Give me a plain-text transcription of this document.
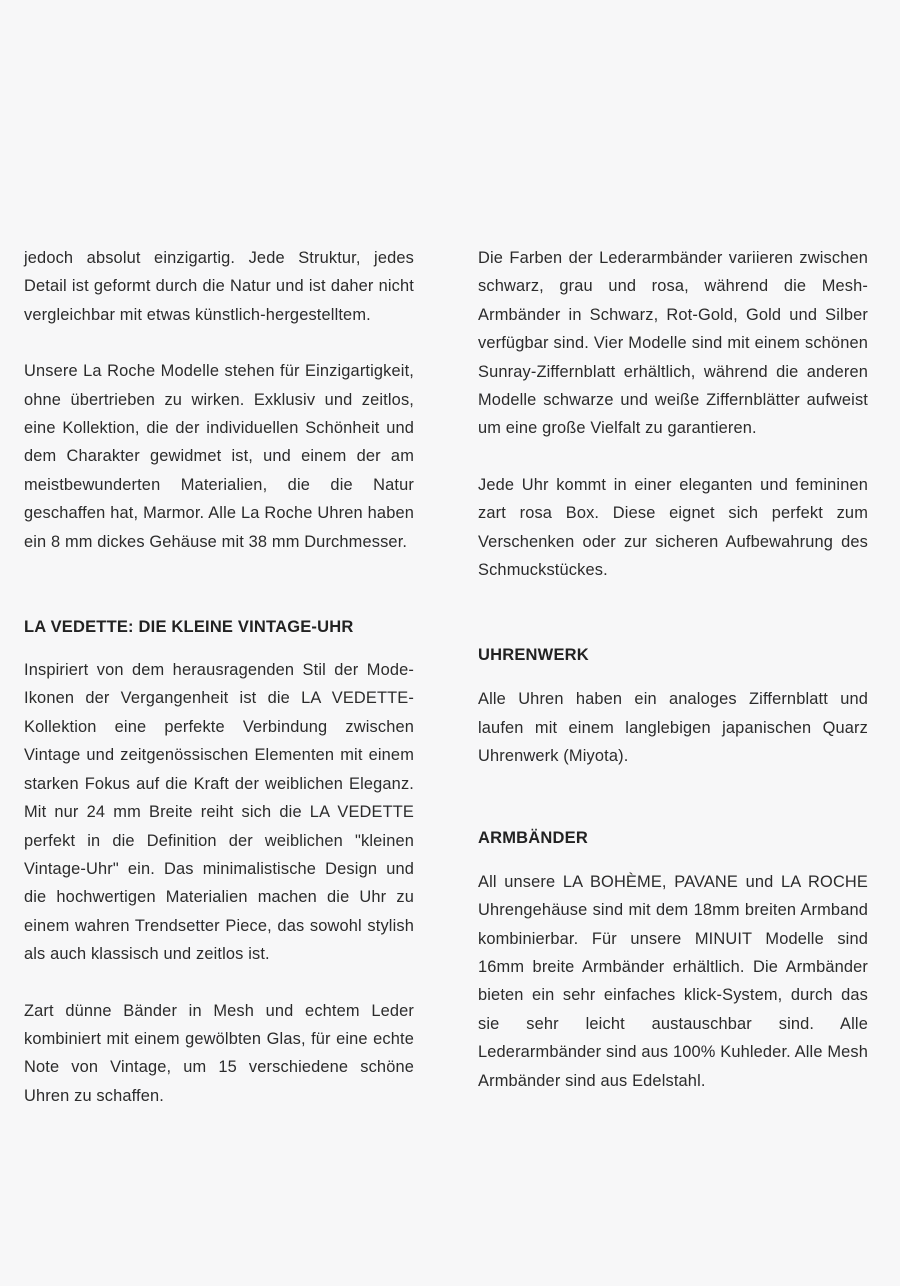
jedoch absolut einzigartig. Jede Struktur, jedes Detail ist geformt durch die Natur und ist daher nicht vergleichbar mit etwas künstlich-hergestelltem.

Unsere La Roche Modelle stehen für Einzigartigkeit, ohne übertrieben zu wirken. Exklusiv und zeitlos, eine Kollektion, die der individuellen Schönheit und dem Charakter gewidmet ist, und einem der am meistbewunderten Materialien, die die Natur geschaffen hat, Marmor. Alle La Roche Uhren haben ein 8 mm dickes Gehäuse mit 38 mm Durchmesser.

LA VEDETTE: DIE KLEINE VINTAGE-UHR

Inspiriert von dem herausragenden Stil der Mode-Ikonen der Vergangenheit ist die LA VEDETTE-Kollektion eine perfekte Verbindung zwischen Vintage und zeitgenössischen Elementen mit einem starken Fokus auf die Kraft der weiblichen Eleganz. Mit nur 24 mm Breite reiht sich die LA VEDETTE perfekt in die Definition der weiblichen "kleinen Vintage-Uhr" ein. Das minimalistische Design und die hochwertigen Materialien machen die Uhr zu einem wahren Trendsetter Piece, das sowohl stylish als auch klassisch und zeitlos ist.

Zart dünne Bänder in Mesh und echtem Leder kombiniert mit einem gewölbten Glas, für eine echte Note von Vintage, um 15 verschiedene schöne Uhren zu schaffen.

Die Farben der Lederarmbänder variieren zwischen schwarz, grau und rosa, während die Mesh-Armbänder in Schwarz, Rot-Gold, Gold und Silber verfügbar sind. Vier Modelle sind mit einem schönen Sunray-Ziffernblatt erhältlich, während die anderen Modelle schwarze und weiße Ziffernblätter aufweist um eine große Vielfalt zu garantieren.

Jede Uhr kommt in einer eleganten und femininen zart rosa Box. Diese eignet sich perfekt zum Verschenken oder zur sicheren Aufbewahrung des Schmuckstückes.

UHRENWERK

Alle Uhren haben ein analoges Ziffernblatt und laufen mit einem langlebigen japanischen Quarz Uhrenwerk (Miyota).

ARMBÄNDER

All unsere LA BOHÈME, PAVANE und LA ROCHE Uhrengehäuse sind mit dem 18mm breiten Armband kombinierbar. Für unsere MINUIT Modelle sind 16mm breite Armbänder erhältlich. Die Armbänder bieten ein sehr einfaches klick-System, durch das sie sehr leicht austauschbar sind. Alle Lederarmbänder sind aus 100% Kuhleder. Alle Mesh Armbänder sind aus Edelstahl.
